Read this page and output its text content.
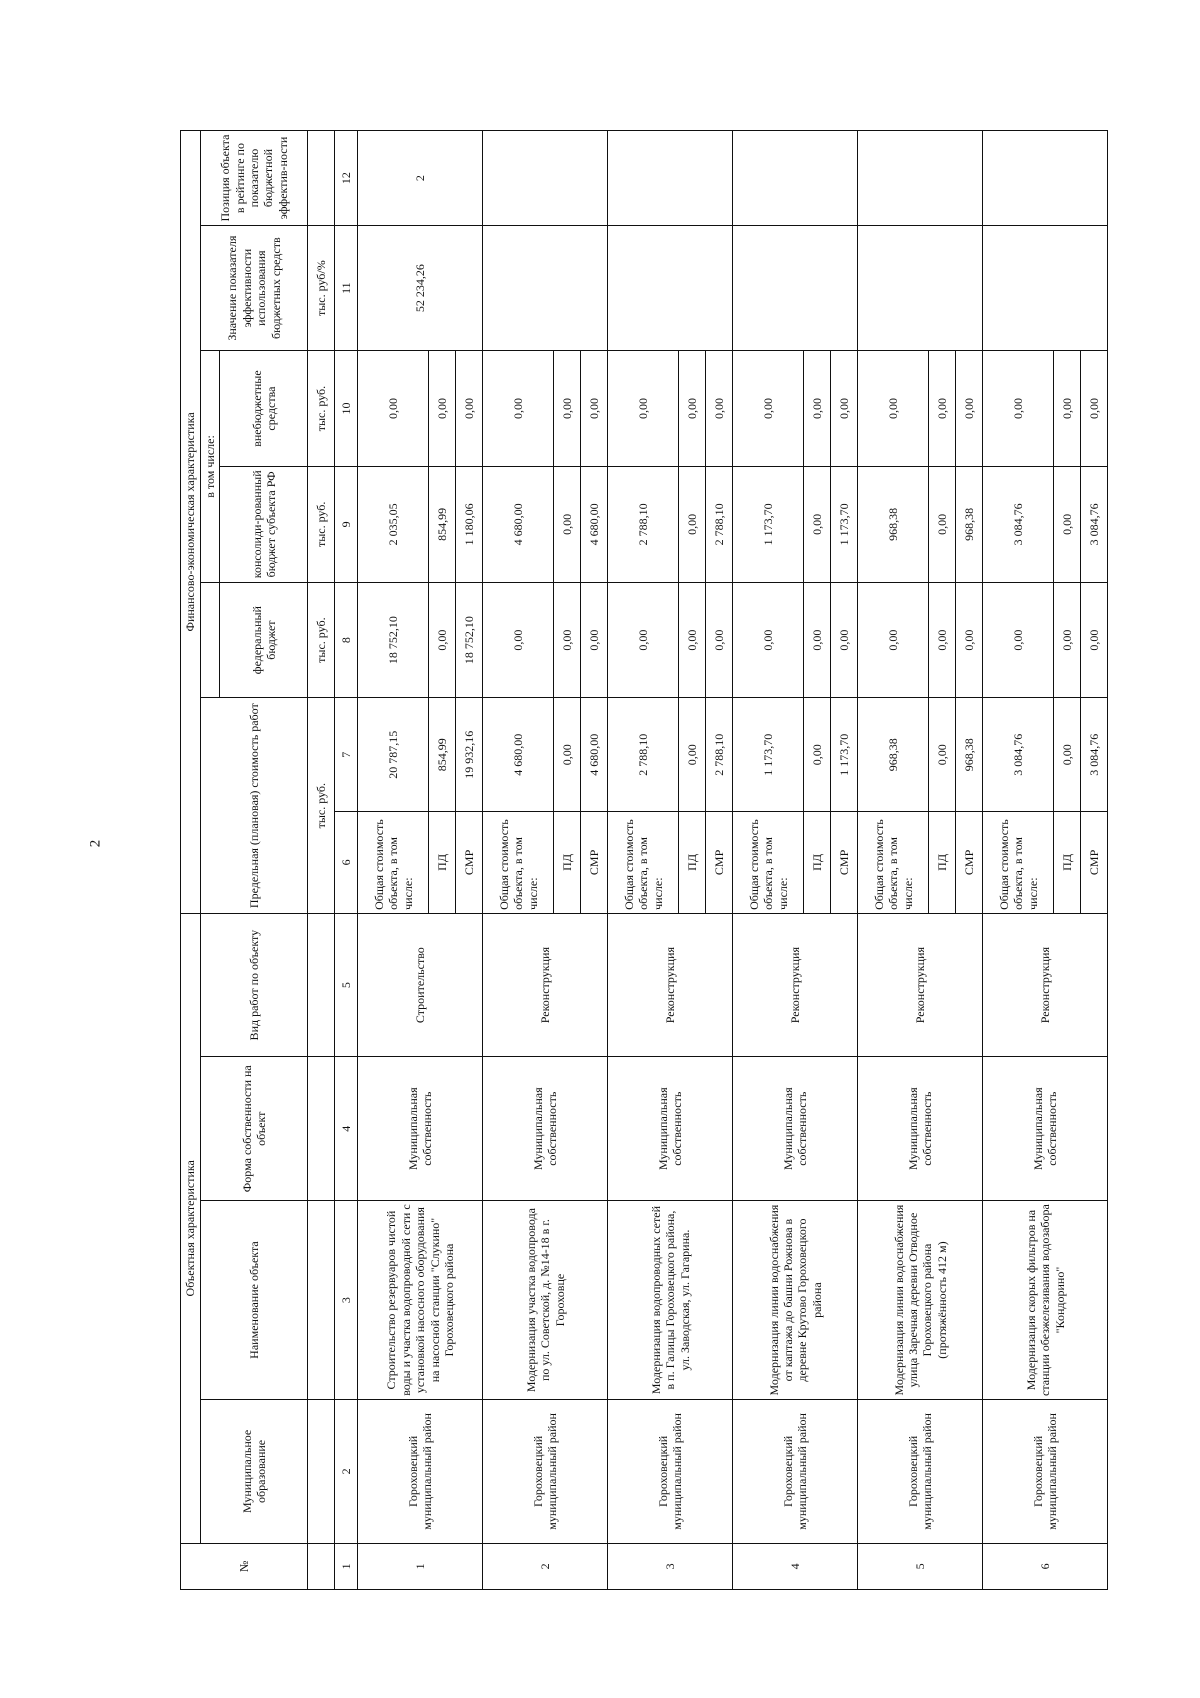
2
№	Объектная характеристика				Финансово-экономическая характеристика						
	Муниципальное образование	Наименование объекта	Форма собственности на объект	Вид работ по объекту	Предельная (плановая) стоимость работ			в том числе:		Значение показателя эффективности использования бюджетных средств	Позиция объекта в рейтинге по показателю бюджетной эффектив-ности
							федеральный бюджет	консолиди-рованный бюджет субъекта РФ	внебюджетные средства		
					тыс. руб.		тыс. руб.	тыс. руб.	тыс. руб.	тыс. руб/%	
1	2	3	4	5	6	7	8	9	10	11	12
1	Гороховецкий муниципальный район	Строительство резервуаров чистой воды и участка водопроводной сети с установкой насосного оборудования на насосной станции "Слукино" Гороховецкого района	Муниципальная собственность	Строительство	Общая стоимость объекта, в том числе:	20 787,15	18 752,10	2 035,05	0,00	52 234,26	2
					ПД	854,99	0,00	854,99	0,00		
					СМР	19 932,16	18 752,10	1 180,06	0,00		
2	Гороховецкий муниципальный район	Модернизация участка водопровода по ул. Советской, д. №14-18 в г. Гороховце	Муниципальная собственность	Реконструкция	Общая стоимость объекта, в том числе:	4 680,00	0,00	4 680,00	0,00		
					ПД	0,00	0,00	0,00	0,00		
					СМР	4 680,00	0,00	4 680,00	0,00		
3	Гороховецкий муниципальный район	Модернизация водопроводных сетей в п. Галицы Гороховецкого района, ул. Заводская, ул. Гагарина.	Муниципальная собственность	Реконструкция	Общая стоимость объекта, в том числе:	2 788,10	0,00	2 788,10	0,00		
					ПД	0,00	0,00	0,00	0,00		
					СМР	2 788,10	0,00	2 788,10	0,00		
4	Гороховецкий муниципальный район	Модернизация линии водоснабжения от каптажа до башни Рожнова в деревне Крутово Гороховецкого района	Муниципальная собственность	Реконструкция	Общая стоимость объекта, в том числе:	1 173,70	0,00	1 173,70	0,00		
					ПД	0,00	0,00	0,00	0,00		
					СМР	1 173,70	0,00	1 173,70	0,00		
5	Гороховецкий муниципальный район	Модернизация линии водоснабжения улица Заречная деревни Отводное Гороховецкого района (протяжённость 412 м)	Муниципальная собственность	Реконструкция	Общая стоимость объекта, в том числе:	968,38	0,00	968,38	0,00		
					ПД	0,00	0,00	0,00	0,00		
					СМР	968,38	0,00	968,38	0,00		
6	Гороховецкий муниципальный район	Модернизация скорых фильтров на станции обезжелезивания водозабора "Кондорино"	Муниципальная собственность	Реконструкция	Общая стоимость объекта, в том числе:	3 084,76	0,00	3 084,76	0,00		
					ПД	0,00	0,00	0,00	0,00		
					СМР	3 084,76	0,00	3 084,76	0,00		
